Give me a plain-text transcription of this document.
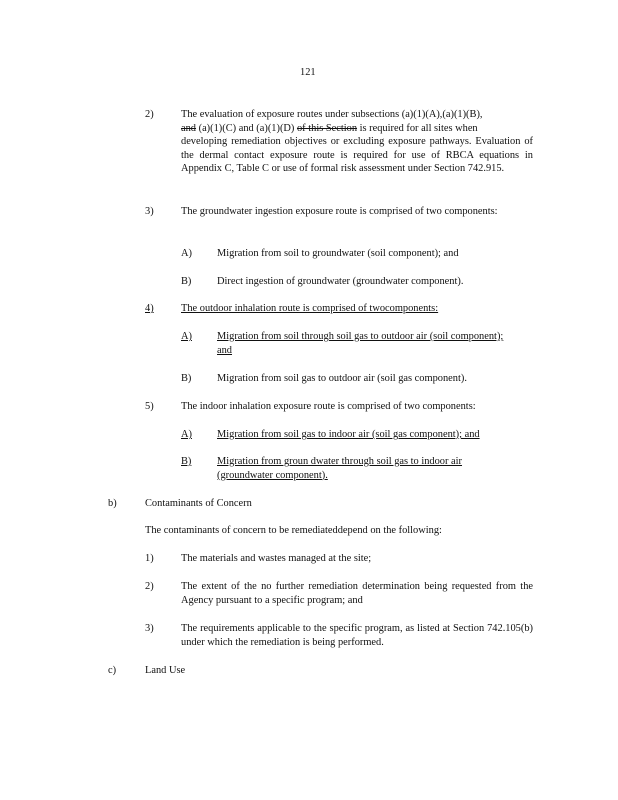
121
2)	The evaluation of exposure routes under subsections (a)(1)(A),(a)(1)(B),
and (a)(1)(C) and (a)(1)(D) of this Section is required for all sites when
developing remediation objectives or excluding exposure pathways. Evaluation of the dermal contact exposure route is required for use of RBCA equations in Appendix C, Table C or use of formal risk assessment under Section 742.915.
3)	The groundwater ingestion exposure route is comprised of two components:
A) Migration from soil to groundwater (soil component); and
B) Direct ingestion of groundwater (groundwater component).
4)	The outdoor inhalation route is comprised of twocomponents:
A) Migration from soil through soil gas to outdoor air (soil component); and
B) Migration from soil gas to outdoor air (soil gas component).
5)	The indoor inhalation exposure route is comprised of two components:
A) Migration from soil gas to indoor air (soil gas component); and
B) Migration from groun dwater through soil gas to indoor air (groundwater component).
b)	Contaminants of Concern
The contaminants of concern to be remediateddepend on the following:
1)	The materials and wastes managed at the site;
2)	The extent of the no further remediation determination being requested from the Agency pursuant to a specific program; and
3)	The requirements applicable to the specific program, as listed at Section 742.105(b) under which the remediation is being performed.
c)	Land Use
